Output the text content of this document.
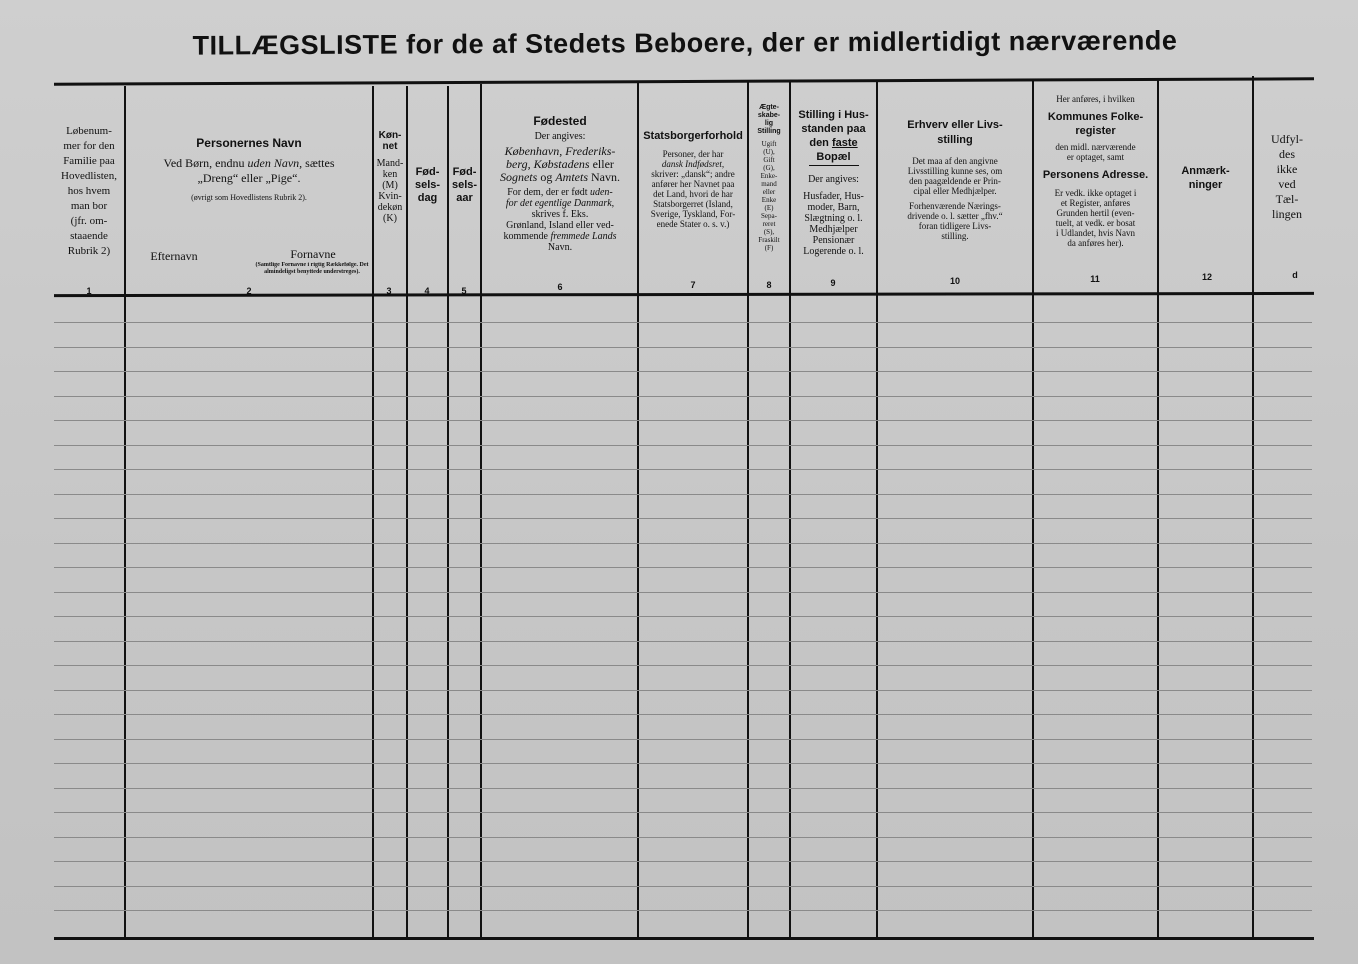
TILLÆGSLISTE for de af Stedets Beboere, der er midlertidigt nærværende
Løbenum-
mer for den
Familie paa
Hovedlisten,
hos hvem
man bor
(jfr. om-
staaende
Rubrik 2)
1
Personernes Navn
Ved Børn, endnu uden Navn, sættes
„Dreng“ eller „Pige“.
(øvrigt som Hovedlistens Rubrik 2).
Efternavn	Fornavne
(Samtlige Fornavne i rigtig Rækkefølge. Det almindeligst benyttede understreges).
2
Køn-
net
Mand-
ken
(M)
Kvin-
dekøn
(K)
3
Fød-
sels-
dag
4
Fød-
sels-
aar
5
Fødested
Der angives:
København, Frederiks-
berg, Købstadens eller
Sognets og Amtets Navn.
For dem, der er født uden-
for det egentlige Danmark,
skrives f. Eks.
Grønland, Island eller ved-
kommende fremmede Lands
Navn.
6
Statsborgerforhold
Personer, der har
dansk Indfødsret,
skriver: „dansk“; andre
anfører her Navnet paa
det Land, hvori de har
Statsborgerret (Island,
Sverige, Tyskland, For-
enede Stater o. s. v.)
7
Ægte-
skabe-
lig
Stilling
Ugift
(U),
Gift
(G),
Enke-
mand
eller
Enke
(E)
Sepa-
reret
(S),
Fraskilt
(F)
8
Stilling i Hus-
standen paa
den faste
Bopæl
Der angives:
Husfader, Hus-
moder, Barn,
Slægtning o. l.
Medhjælper
Pensionær
Logerende o. l.
9
Erhverv eller Livs-
stilling
Det maa af den angivne
Livsstilling kunne ses, om
den paagældende er Prin-
cipal eller Medhjælper.
Forhenværende Nærings-
drivende o. l. sætter „fhv.“
foran tidligere Livs-
stilling.
10
Her anføres, i hvilken
Kommunes Folke-
register
den midl. nærværende
er optaget, samt
Personens Adresse.
Er vedk. ikke optaget i
et Register, anføres
Grunden hertil (even-
tuelt, at vedk. er bosat
i Udlandet, hvis Navn
da anføres her).
11
Anmærk-
ninger
12
Udfyl-
des
ikke
ved
Tæl-
lingen
d
